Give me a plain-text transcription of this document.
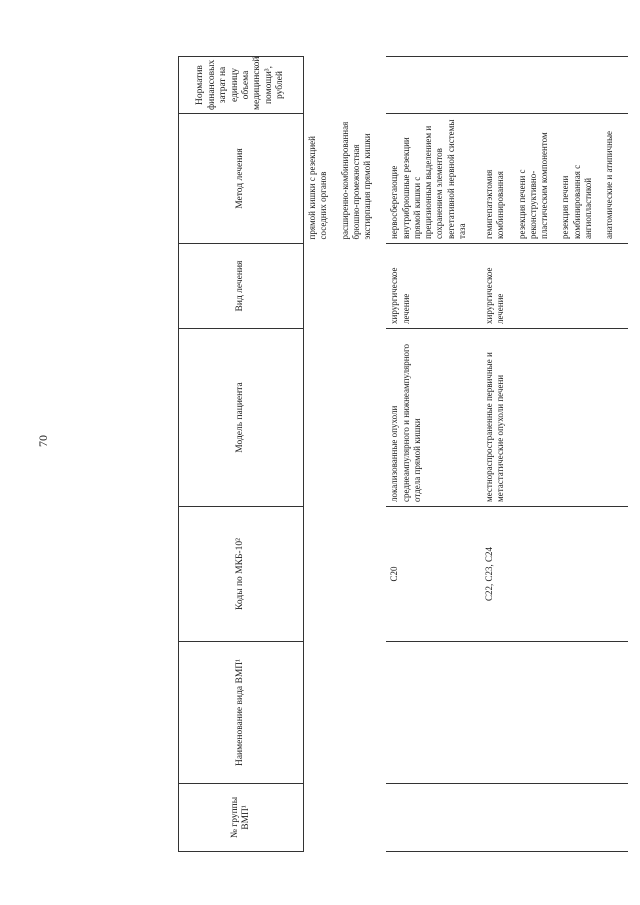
70
№ группы ВМП¹	Наименование вида ВМП¹	Коды по МКБ-10²	Модель пациента	Вид лечения	Метод лечения	Норматив финансовых затрат на единицу объема медицинской помощи³, рублей

					прямой кишки с резекцией соседних органов расширенно-комбинированная брюшно-промежностная экстирпация прямой кишки	

		C20	локализованные опухоли среднеампулярного и нижнеампулярного отдела прямой кишки	хирургическое лечение	нервосберегающие внутрибрюшные резекции прямой кишки с прецизионным выделением и сохранением элементов вегетативной нервной системы таза	

		C22, C23, C24	местнораспространенные первичные и метастатические опухоли печени	хирургическое лечение	гемигепатэктомия комбинированная резекция печени с реконструктивно-пластическим компонентом резекция печени комбинированная с ангиопластикой анатомические и атипичные	
